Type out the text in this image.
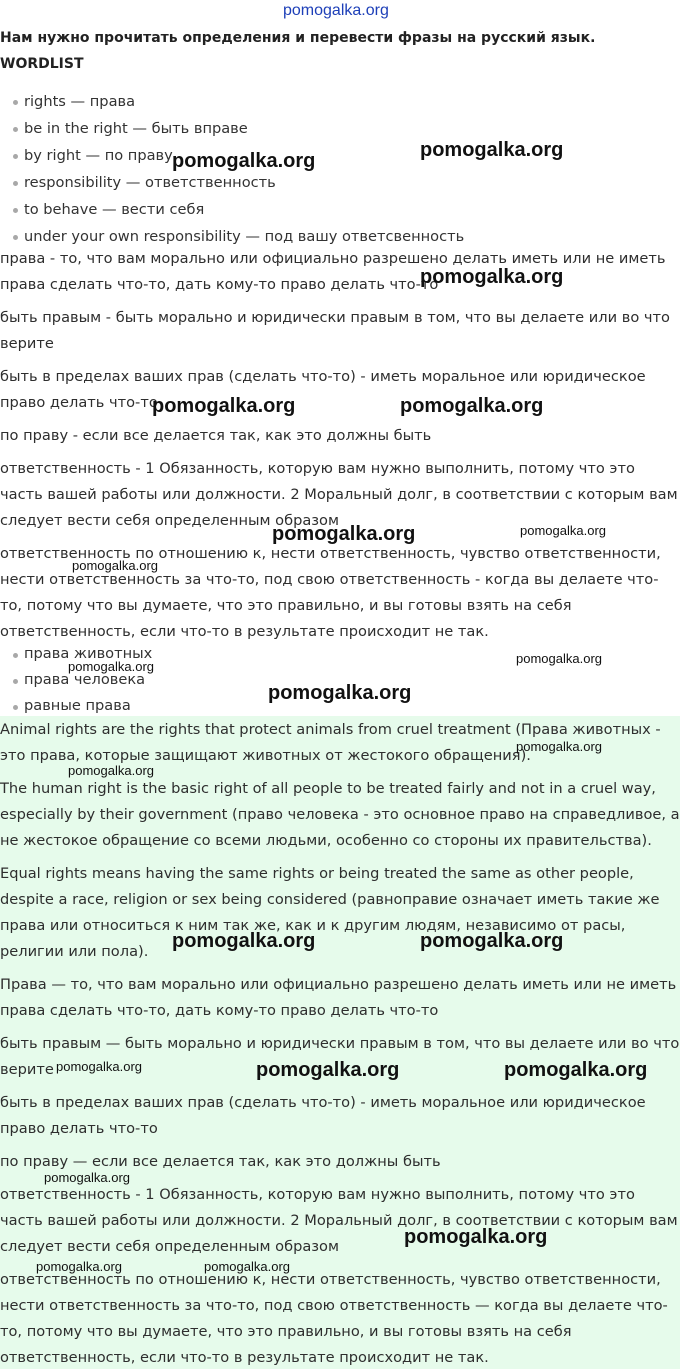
pomogalka.org

Нам нужно прочитать определения и перевести фразы на русский язык.

WORDLIST

rights — права
be in the right — быть вправе
by right — по праву
responsibility — ответственность
to behave — вести себя
under your own responsibility — под вашу ответсвенность

права - то, что вам морально или официально разрешено делать иметь или не иметь права сделать что-то, дать кому-то право делать что-то

быть правым - быть морально и юридически правым в том, что вы делаете или во что верите

быть в пределах ваших прав (сделать что-то) - иметь моральное или юридическое право делать что-то

по праву - если все делается так, как это должны быть

ответственность - 1 Обязанность, которую вам нужно выполнить, потому что это часть вашей работы или должности. 2 Моральный долг, в соответствии с которым вам следует вести себя определенным образом

ответственность по отношению к, нести ответственность, чувство ответственности, нести ответственность за что-то, под свою ответственность - когда вы делаете что-то, потому что вы думаете, что это правильно, и вы готовы взять на себя ответственность, если что-то в результате происходит не так.

права животных
права человека
равные права

Animal rights are the rights that protect animals from cruel treatment (Права животных - это права, которые защищают животных от жестокого обращения).

The human right is the basic right of all people to be treated fairly and not in a cruel way, especially by their government (право человека - это основное право на справедливое, а не жестокое обращение со всеми людьми, особенно со стороны их правительства).

Equal rights means having the same rights or being treated the same as other people, despite a race, religion or sex being considered (равноправие означает иметь такие же права или относиться к ним так же, как и к другим людям, независимо от расы, религии или пола).

Права — то, что вам морально или официально разрешено делать иметь или не иметь права сделать что-то, дать кому-то право делать что-то

быть правым — быть морально и юридически правым в том, что вы делаете или во что верите

быть в пределах ваших прав (сделать что-то) - иметь моральное или юридическое право делать что-то

по праву — если все делается так, как это должны быть

ответственность - 1 Обязанность, которую вам нужно выполнить, потому что это часть вашей работы или должности. 2 Моральный долг, в соответствии с которым вам следует вести себя определенным образом

ответственность по отношению к, нести ответственность, чувство ответственности, нести ответственность за что-то, под свою ответственность — когда вы делаете что-то, потому что вы думаете, что это правильно, и вы готовы взять на себя ответственность, если что-то в результате происходит не так.

pomogalka.org	pomogalka.org
pomogalka.org
pomogalka.org	pomogalka.org
pomogalka.org	pomogalka.org
pomogalka.org
pomogalka.org
pomogalka.org
pomogalka.org
pomogalka.org
pomogalka.org
pomogalka.org	pomogalka.org
pomogalka.org	pomogalka.org	pomogalka.org
pomogalka.org
pomogalka.org
pomogalka.org	pomogalka.org
